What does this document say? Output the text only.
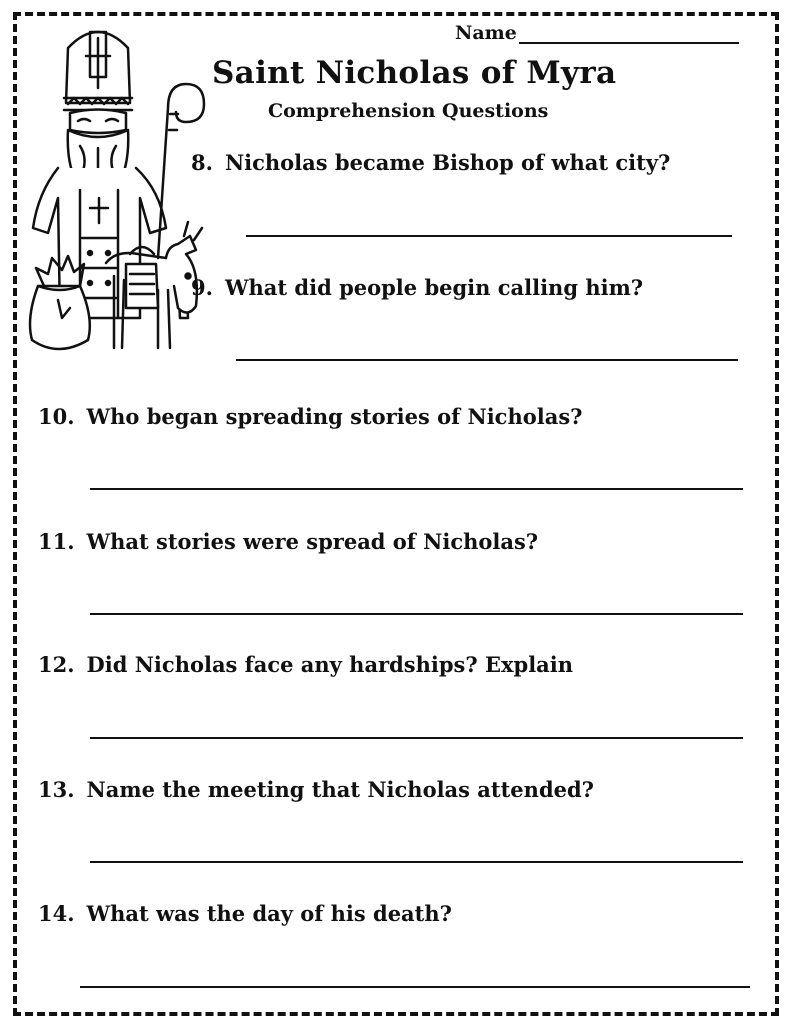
Name
Saint Nicholas of Myra
Comprehension Questions
8. Nicholas became Bishop of what city?
9. What did people begin calling him?
10. Who began spreading stories of Nicholas?
11. What stories were spread of Nicholas?
12. Did Nicholas face any hardships? Explain
13. Name the meeting that Nicholas attended?
14. What was the day of his death?
